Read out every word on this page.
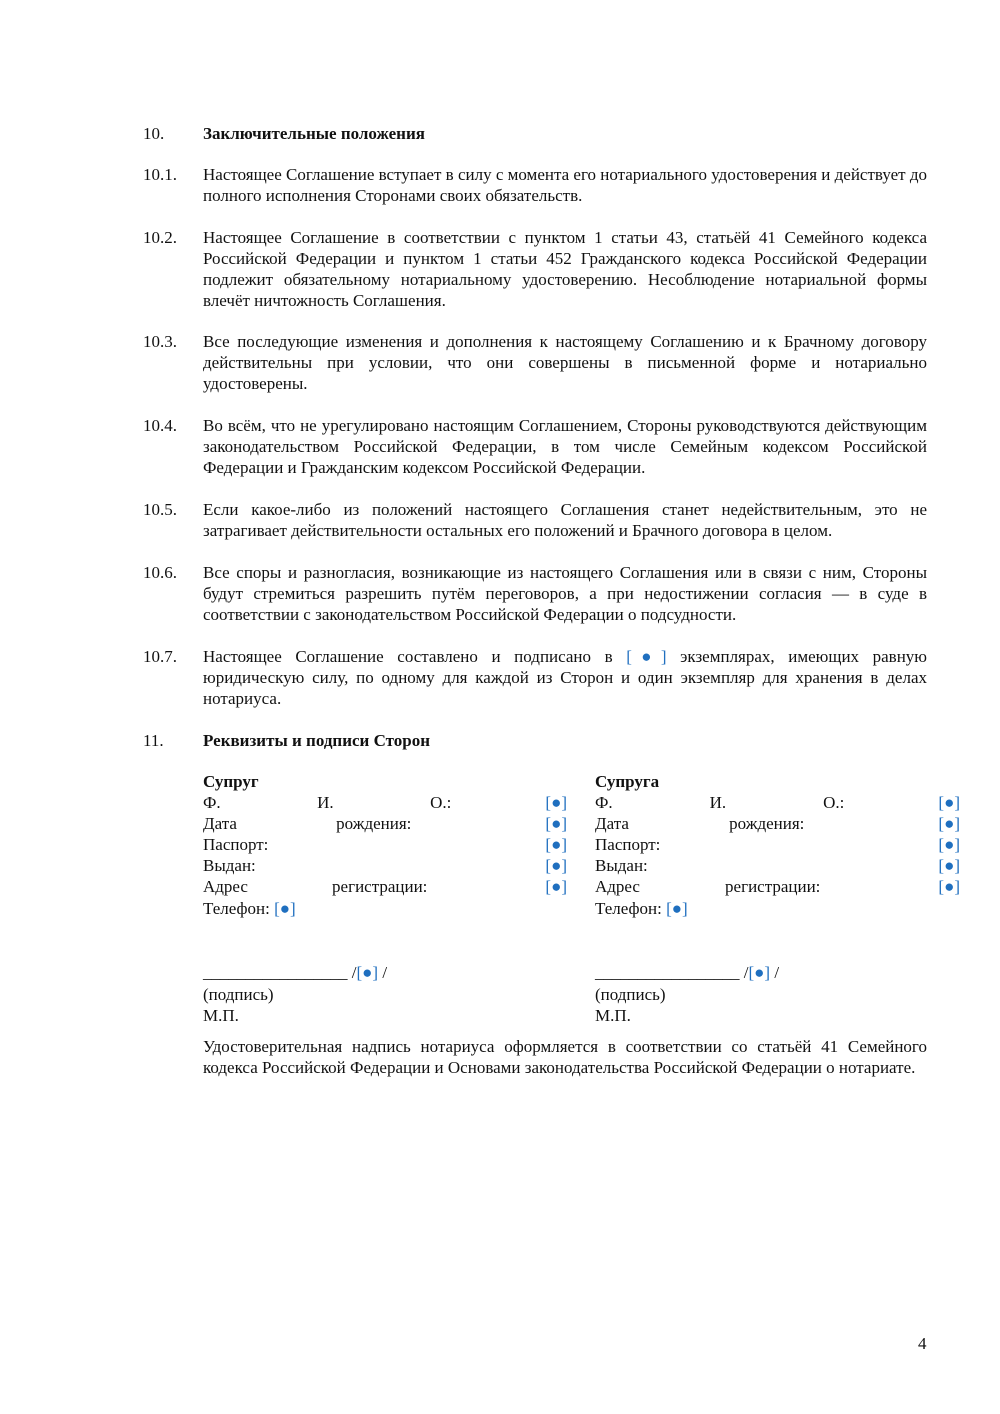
10. Заключительные положения
10.1. Настоящее Соглашение вступает в силу с момента его нотариального удостоверения и действует до полного исполнения Сторонами своих обязательств.
10.2. Настоящее Соглашение в соответствии с пунктом 1 статьи 43, статьёй 41 Семейного кодекса Российской Федерации и пунктом 1 статьи 452 Гражданского кодекса Российской Федерации подлежит обязательному нотариальному удостоверению. Несоблюдение нотариальной формы влечёт ничтожность Соглашения.
10.3. Все последующие изменения и дополнения к настоящему Соглашению и к Брачному договору действительны при условии, что они совершены в письменной форме и нотариально удостоверены.
10.4. Во всём, что не урегулировано настоящим Соглашением, Стороны руководствуются действующим законодательством Российской Федерации, в том числе Семейным кодексом Российской Федерации и Гражданским кодексом Российской Федерации.
10.5. Если какое-либо из положений настоящего Соглашения станет недействительным, это не затрагивает действительности остальных его положений и Брачного договора в целом.
10.6. Все споры и разногласия, возникающие из настоящего Соглашения или в связи с ним, Стороны будут стремиться разрешить путём переговоров, а при недостижении согласия — в суде в соответствии с законодательством Российской Федерации о подсудности.
10.7. Настоящее Соглашение составлено и подписано в [●] экземплярах, имеющих равную юридическую силу, по одному для каждой из Сторон и один экземпляр для хранения в делах нотариуса.
11. Реквизиты и подписи Сторон
Супруг
Ф.	И.	О.:	[●]
Дата	рождения:	[●]
Паспорт:	[●]
Выдан:	[●]
Адрес	регистрации:	[●]
Телефон: [●]
_________________ /[●] /
(подпись)
М.П.
Супруга
Ф.	И.	О.:	[●]
Дата	рождения:	[●]
Паспорт:	[●]
Выдан:	[●]
Адрес	регистрации:	[●]
Телефон: [●]
_________________ /[●] /
(подпись)
М.П.
Удостоверительная надпись нотариуса оформляется в соответствии со статьёй 41 Семейного кодекса Российской Федерации и Основами законодательства Российской Федерации о нотариате.
4
